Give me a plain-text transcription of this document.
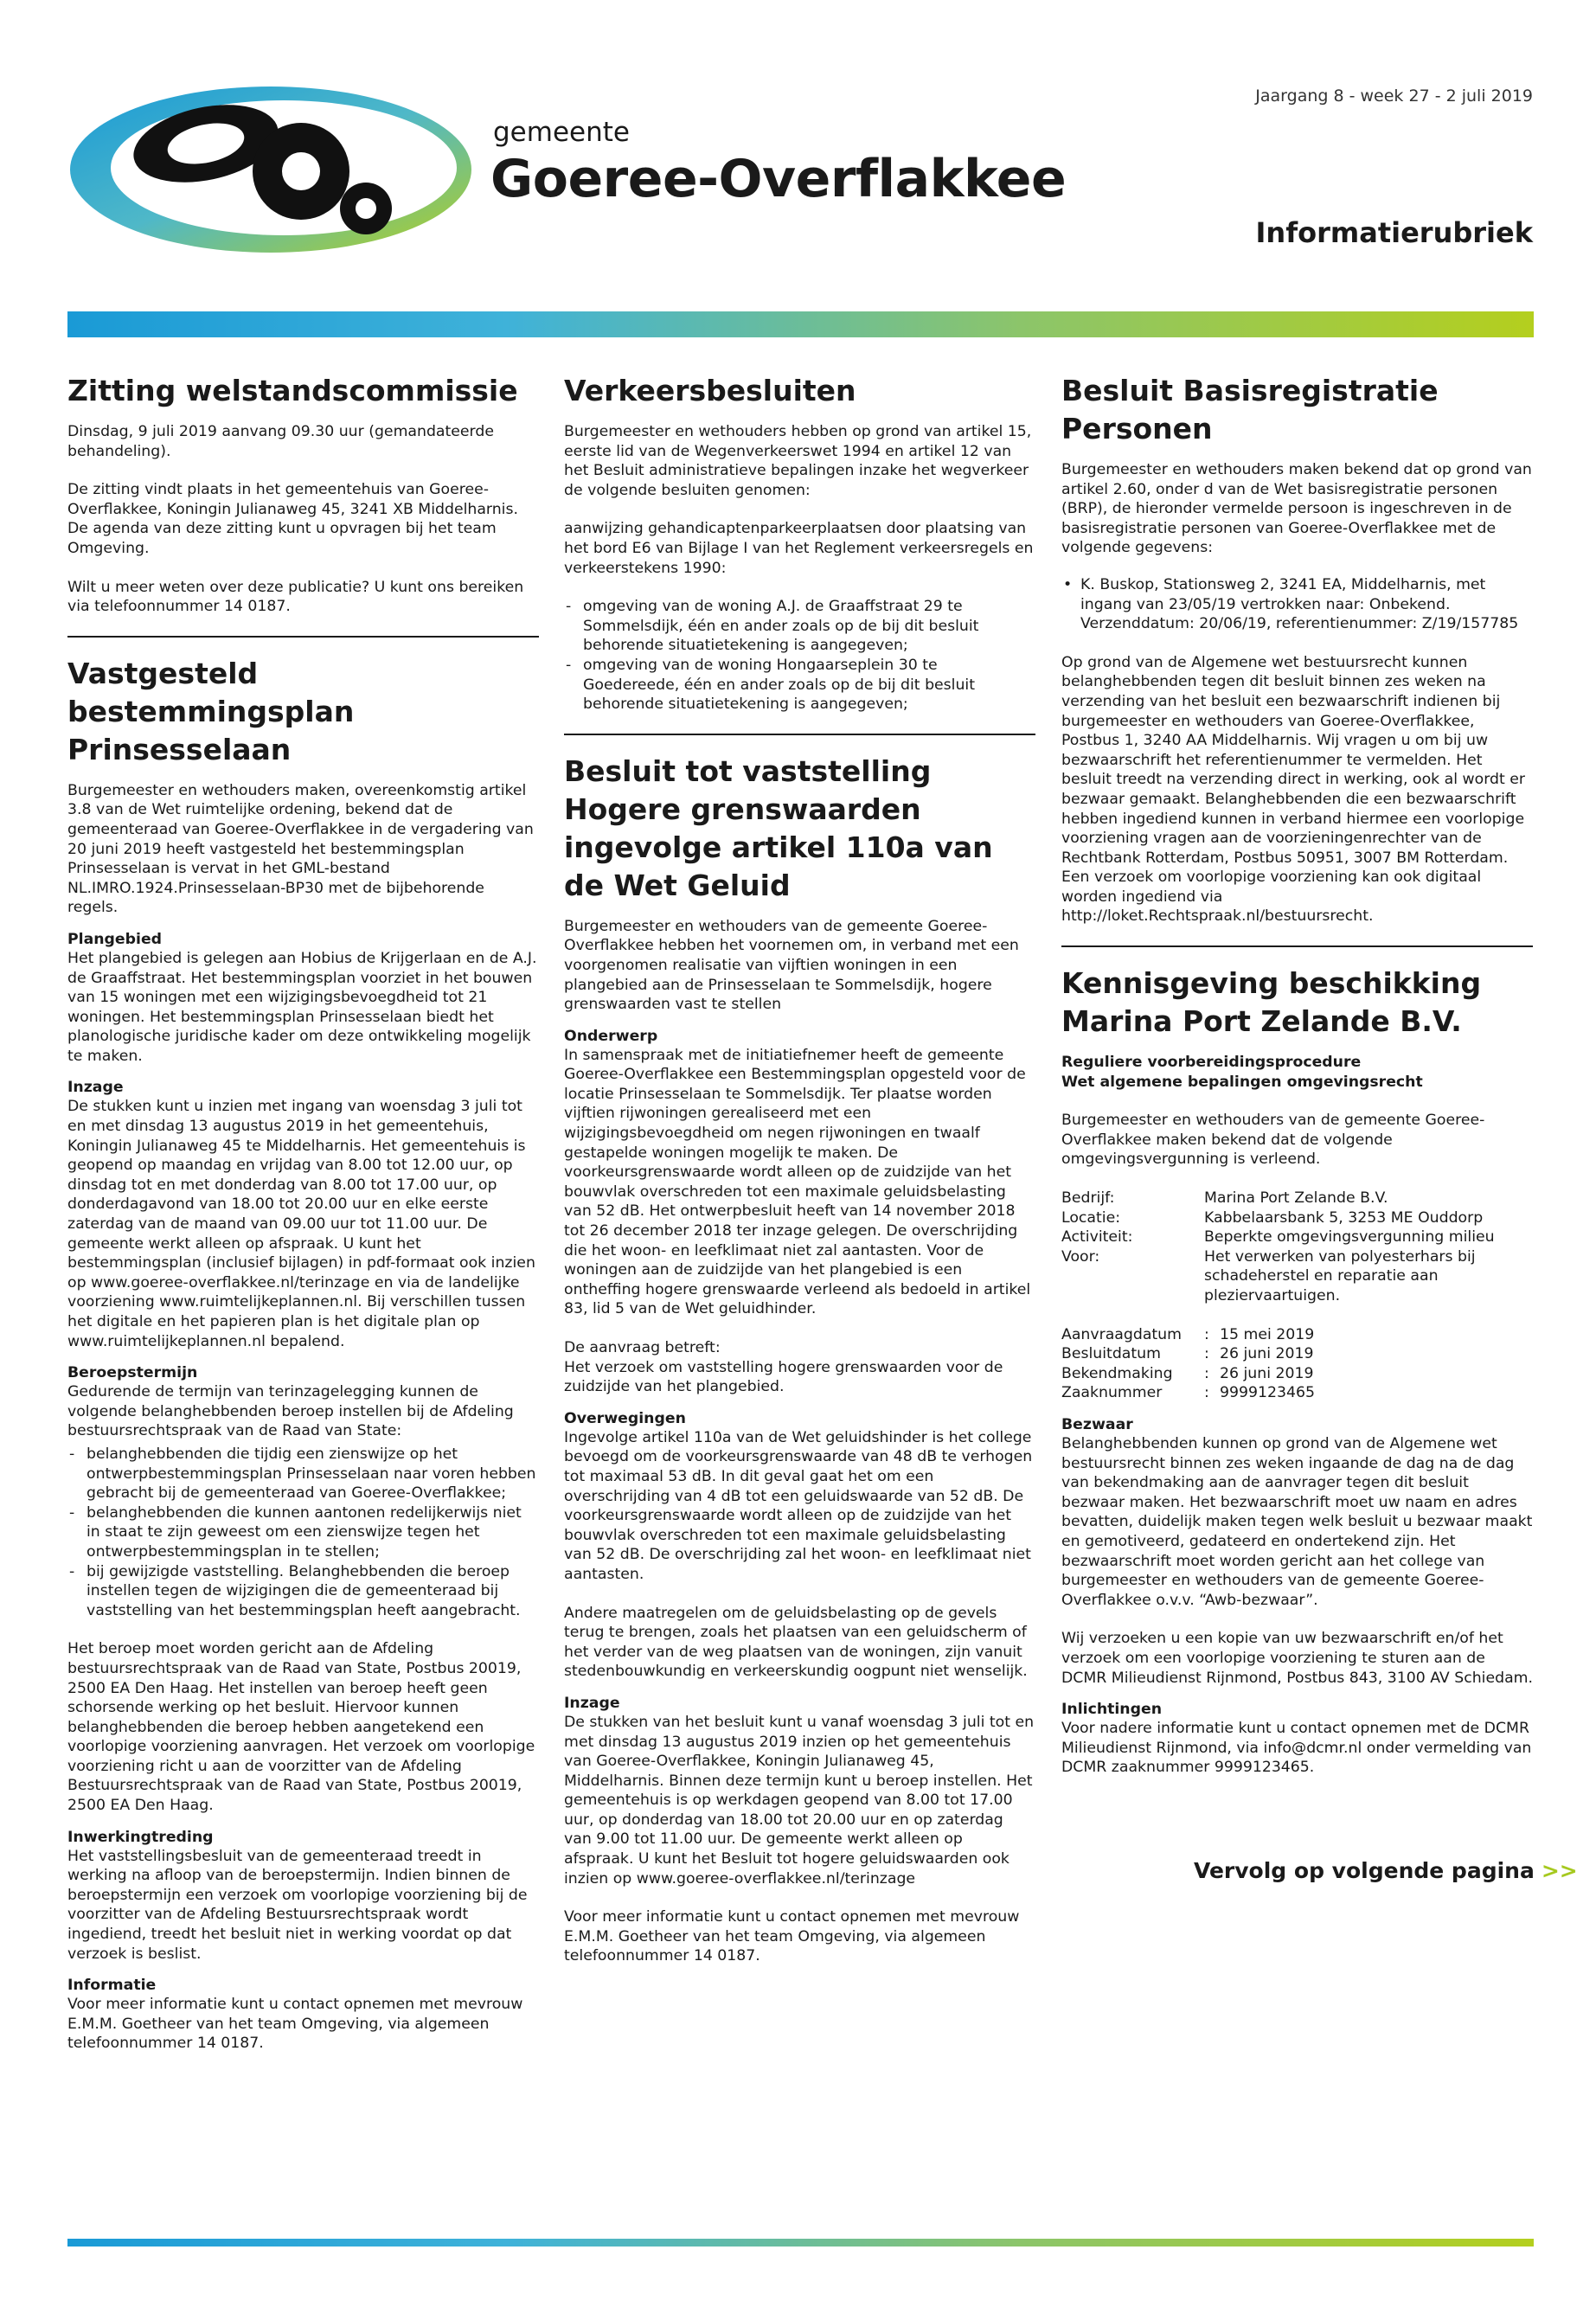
gemeente
Goeree-Overflakkee
Jaargang 8 - week 27 - 2 juli 2019
Informatierubriek
Zitting welstandscommissie

Dinsdag, 9 juli 2019 aanvang 09.30 uur (gemandateerde behandeling).

De zitting vindt plaats in het gemeentehuis van Goeree-Overflakkee, Koningin Julianaweg 45, 3241 XB Middelharnis. De agenda van deze zitting kunt u opvragen bij het team Omgeving.

Wilt u meer weten over deze publicatie? U kunt ons bereiken via telefoonnummer 14 0187.

Vastgesteld bestemmingsplan Prinsesselaan

Burgemeester en wethouders maken, overeenkomstig artikel 3.8 van de Wet ruimtelijke ordening, bekend dat de gemeenteraad van Goeree-Overflakkee in de vergadering van 20 juni 2019 heeft vastgesteld het bestemmingsplan Prinsesselaan is vervat in het GML-bestand NL.IMRO.1924.Prinsesselaan-BP30 met de bijbehorende regels.

Plangebied

Het plangebied is gelegen aan Hobius de Krijgerlaan en de A.J. de Graaffstraat. Het bestemmingsplan voorziet in het bouwen van 15 woningen met een wijzigingsbevoegdheid tot 21 woningen. Het bestemmingsplan Prinsesselaan biedt het planologische juridische kader om deze ontwikkeling mogelijk te maken.

Inzage

De stukken kunt u inzien met ingang van woensdag 3 juli tot en met dinsdag 13 augustus 2019 in het gemeentehuis, Koningin Julianaweg 45 te Middelharnis. Het gemeentehuis is geopend op maandag en vrijdag van 8.00 tot 12.00 uur, op dinsdag tot en met donderdag van 8.00 tot 17.00 uur, op donderdagavond van 18.00 tot 20.00 uur en elke eerste zaterdag van de maand van 09.00 uur tot 11.00 uur. De gemeente werkt alleen op afspraak. U kunt het bestemmingsplan (inclusief bijlagen) in pdf-formaat ook inzien op www.goeree-overflakkee.nl/terinzage en via de landelijke voorziening www.ruimtelijkeplannen.nl. Bij verschillen tussen het digitale en het papieren plan is het digitale plan op www.ruimtelijkeplannen.nl bepalend.

Beroepstermijn

Gedurende de termijn van terinzagelegging kunnen de volgende belanghebbenden beroep instellen bij de Afdeling bestuursrechtspraak van de Raad van State:

- belanghebbenden die tijdig een zienswijze op het ontwerpbestemmingsplan Prinsesselaan naar voren hebben gebracht bij de gemeenteraad van Goeree-Overflakkee;
- belanghebbenden die kunnen aantonen redelijkerwijs niet in staat te zijn geweest om een zienswijze tegen het ontwerpbestemmingsplan in te stellen;
- bij gewijzigde vaststelling. Belanghebbenden die beroep instellen tegen de wijzigingen die de gemeenteraad bij vaststelling van het bestemmingsplan heeft aangebracht.

Het beroep moet worden gericht aan de Afdeling bestuursrechtspraak van de Raad van State, Postbus 20019, 2500 EA Den Haag. Het instellen van beroep heeft geen schorsende werking op het besluit. Hiervoor kunnen belanghebbenden die beroep hebben aangetekend een voorlopige voorziening aanvragen. Het verzoek om voorlopige voorziening richt u aan de voorzitter van de Afdeling Bestuursrechtspraak van de Raad van State, Postbus 20019, 2500 EA Den Haag.

Inwerkingtreding

Het vaststellingsbesluit van de gemeenteraad treedt in werking na afloop van de beroepstermijn. Indien binnen de beroepstermijn een verzoek om voorlopige voorziening bij de voorzitter van de Afdeling Bestuursrechtspraak wordt ingediend, treedt het besluit niet in werking voordat op dat verzoek is beslist.

Informatie

Voor meer informatie kunt u contact opnemen met mevrouw E.M.M. Goetheer van het team Omgeving, via algemeen telefoonnummer 14 0187.

Verkeersbesluiten

Burgemeester en wethouders hebben op grond van artikel 15, eerste lid van de Wegenverkeerswet 1994 en artikel 12 van het Besluit administratieve bepalingen inzake het wegverkeer de volgende besluiten genomen:

aanwijzing gehandicaptenparkeerplaatsen door plaatsing van het bord E6 van Bijlage I van het Reglement verkeersregels en verkeerstekens 1990:

- omgeving van de woning A.J. de Graaffstraat 29 te Sommelsdijk, één en ander zoals op de bij dit besluit behorende situatietekening is aangegeven;
- omgeving van de woning Hongaarseplein 30 te Goedereede, één en ander zoals op de bij dit besluit behorende situatietekening is aangegeven;
Besluit tot vaststelling Hogere grenswaarden ingevolge artikel 110a van de Wet Geluid

Burgemeester en wethouders van de gemeente Goeree-Overflakkee hebben het voornemen om, in verband met een voorgenomen realisatie van vijftien woningen in een plangebied aan de Prinsesselaan te Sommelsdijk, hogere grenswaarden vast te stellen

Onderwerp

In samenspraak met de initiatiefnemer heeft de gemeente Goeree-Overflakkee een Bestemmingsplan opgesteld voor de locatie Prinsesselaan te Sommelsdijk. Ter plaatse worden vijftien rijwoningen gerealiseerd met een wijzigingsbevoegdheid om negen rijwoningen en twaalf gestapelde woningen mogelijk te maken. De voorkeursgrenswaarde wordt alleen op de zuidzijde van het bouwvlak overschreden tot een maximale geluidsbelasting van 52 dB. Het ontwerpbesluit heeft van 14 november 2018 tot 26 december 2018 ter inzage gelegen. De overschrijding die het woon- en leefklimaat niet zal aantasten. Voor de woningen aan de zuidzijde van het plangebied is een ontheffing hogere grenswaarde verleend als bedoeld in artikel 83, lid 5 van de Wet geluidhinder.

De aanvraag betreft:
Het verzoek om vaststelling hogere grenswaarden voor de zuidzijde van het plangebied.

Overwegingen

Ingevolge artikel 110a van de Wet geluidshinder is het college bevoegd om de voorkeursgrenswaarde van 48 dB te verhogen tot maximaal 53 dB. In dit geval gaat het om een overschrijding van 4 dB tot een geluidswaarde van 52 dB. De voorkeursgrenswaarde wordt alleen op de zuidzijde van het bouwvlak overschreden tot een maximale geluidsbelasting van 52 dB. De overschrijding zal het woon- en leefklimaat niet aantasten.

Andere maatregelen om de geluidsbelasting op de gevels terug te brengen, zoals het plaatsen van een geluidscherm of het verder van de weg plaatsen van de woningen, zijn vanuit stedenbouwkundig en verkeerskundig oogpunt niet wenselijk.

Inzage

De stukken van het besluit kunt u vanaf woensdag 3 juli tot en met dinsdag 13 augustus 2019 inzien op het gemeentehuis van Goeree-Overflakkee, Koningin Julianaweg 45, Middelharnis. Binnen deze termijn kunt u beroep instellen. Het gemeentehuis is op werkdagen geopend van 8.00 tot 17.00 uur, op donderdag van 18.00 tot 20.00 uur en op zaterdag van 9.00 tot 11.00 uur. De gemeente werkt alleen op afspraak. U kunt het Besluit tot hogere geluidswaarden ook inzien op www.goeree-overflakkee.nl/terinzage

Voor meer informatie kunt u contact opnemen met mevrouw E.M.M. Goetheer van het team Omgeving, via algemeen telefoonnummer 14 0187.

Besluit Basisregistratie Personen

Burgemeester en wethouders maken bekend dat op grond van artikel 2.60, onder d van de Wet basisregistratie personen (BRP), de hieronder vermelde persoon is ingeschreven in de basisregistratie personen van Goeree-Overflakkee met de volgende gegevens:

• K. Buskop, Stationsweg 2, 3241 EA, Middelharnis, met ingang van 23/05/19 vertrokken naar: Onbekend. Verzenddatum: 20/06/19, referentienummer: Z/19/157785

Op grond van de Algemene wet bestuursrecht kunnen belanghebbenden tegen dit besluit binnen zes weken na verzending van het besluit een bezwaarschrift indienen bij burgemeester en wethouders van Goeree-Overflakkee, Postbus 1, 3240 AA Middelharnis. Wij vragen u om bij uw bezwaarschrift het referentienummer te vermelden. Het besluit treedt na verzending direct in werking, ook al wordt er bezwaar gemaakt. Belanghebbenden die een bezwaarschrift hebben ingediend kunnen in verband hiermee een voorlopige voorziening vragen aan de voorzieningenrechter van de Rechtbank Rotterdam, Postbus 50951, 3007 BM Rotterdam. Een verzoek om voorlopige voorziening kan ook digitaal worden ingediend via http://loket.Rechtspraak.nl/bestuursrecht.

Kennisgeving beschikking Marina Port Zelande B.V.
Reguliere voorbereidingsprocedure
Wet algemene bepalingen omgevingsrecht

Burgemeester en wethouders van de gemeente Goeree-Overflakkee maken bekend dat de volgende omgevingsvergunning is verleend.

Bedrijf:	Marina Port Zelande B.V.
Locatie:	Kabbelaarsbank 5, 3253 ME Ouddorp
Activiteit:	Beperkte omgevingsvergunning milieu
Voor:	Het verwerken van polyesterhars bij schadeherstel en reparatie aan pleziervaartuigen.
Aanvraagdatum	: 15 mei 2019
Besluitdatum	: 26 juni 2019
Bekendmaking	: 26 juni 2019
Zaaknummer	: 9999123465
Bezwaar

Belanghebbenden kunnen op grond van de Algemene wet bestuursrecht binnen zes weken ingaande de dag na de dag van bekendmaking aan de aanvrager tegen dit besluit bezwaar maken. Het bezwaarschrift moet uw naam en adres bevatten, duidelijk maken tegen welk besluit u bezwaar maakt en gemotiveerd, gedateerd en ondertekend zijn. Het bezwaarschrift moet worden gericht aan het college van burgemeester en wethouders van de gemeente Goeree-Overflakkee o.v.v. “Awb-bezwaar”.

Wij verzoeken u een kopie van uw bezwaarschrift en/of het verzoek om een voorlopige voorziening te sturen aan de DCMR Milieudienst Rijnmond, Postbus 843, 3100 AV Schiedam.

Inlichtingen

Voor nadere informatie kunt u contact opnemen met de DCMR Milieudienst Rijnmond, via info@dcmr.nl onder vermelding van DCMR zaaknummer 9999123465.

Vervolg op volgende pagina >>
